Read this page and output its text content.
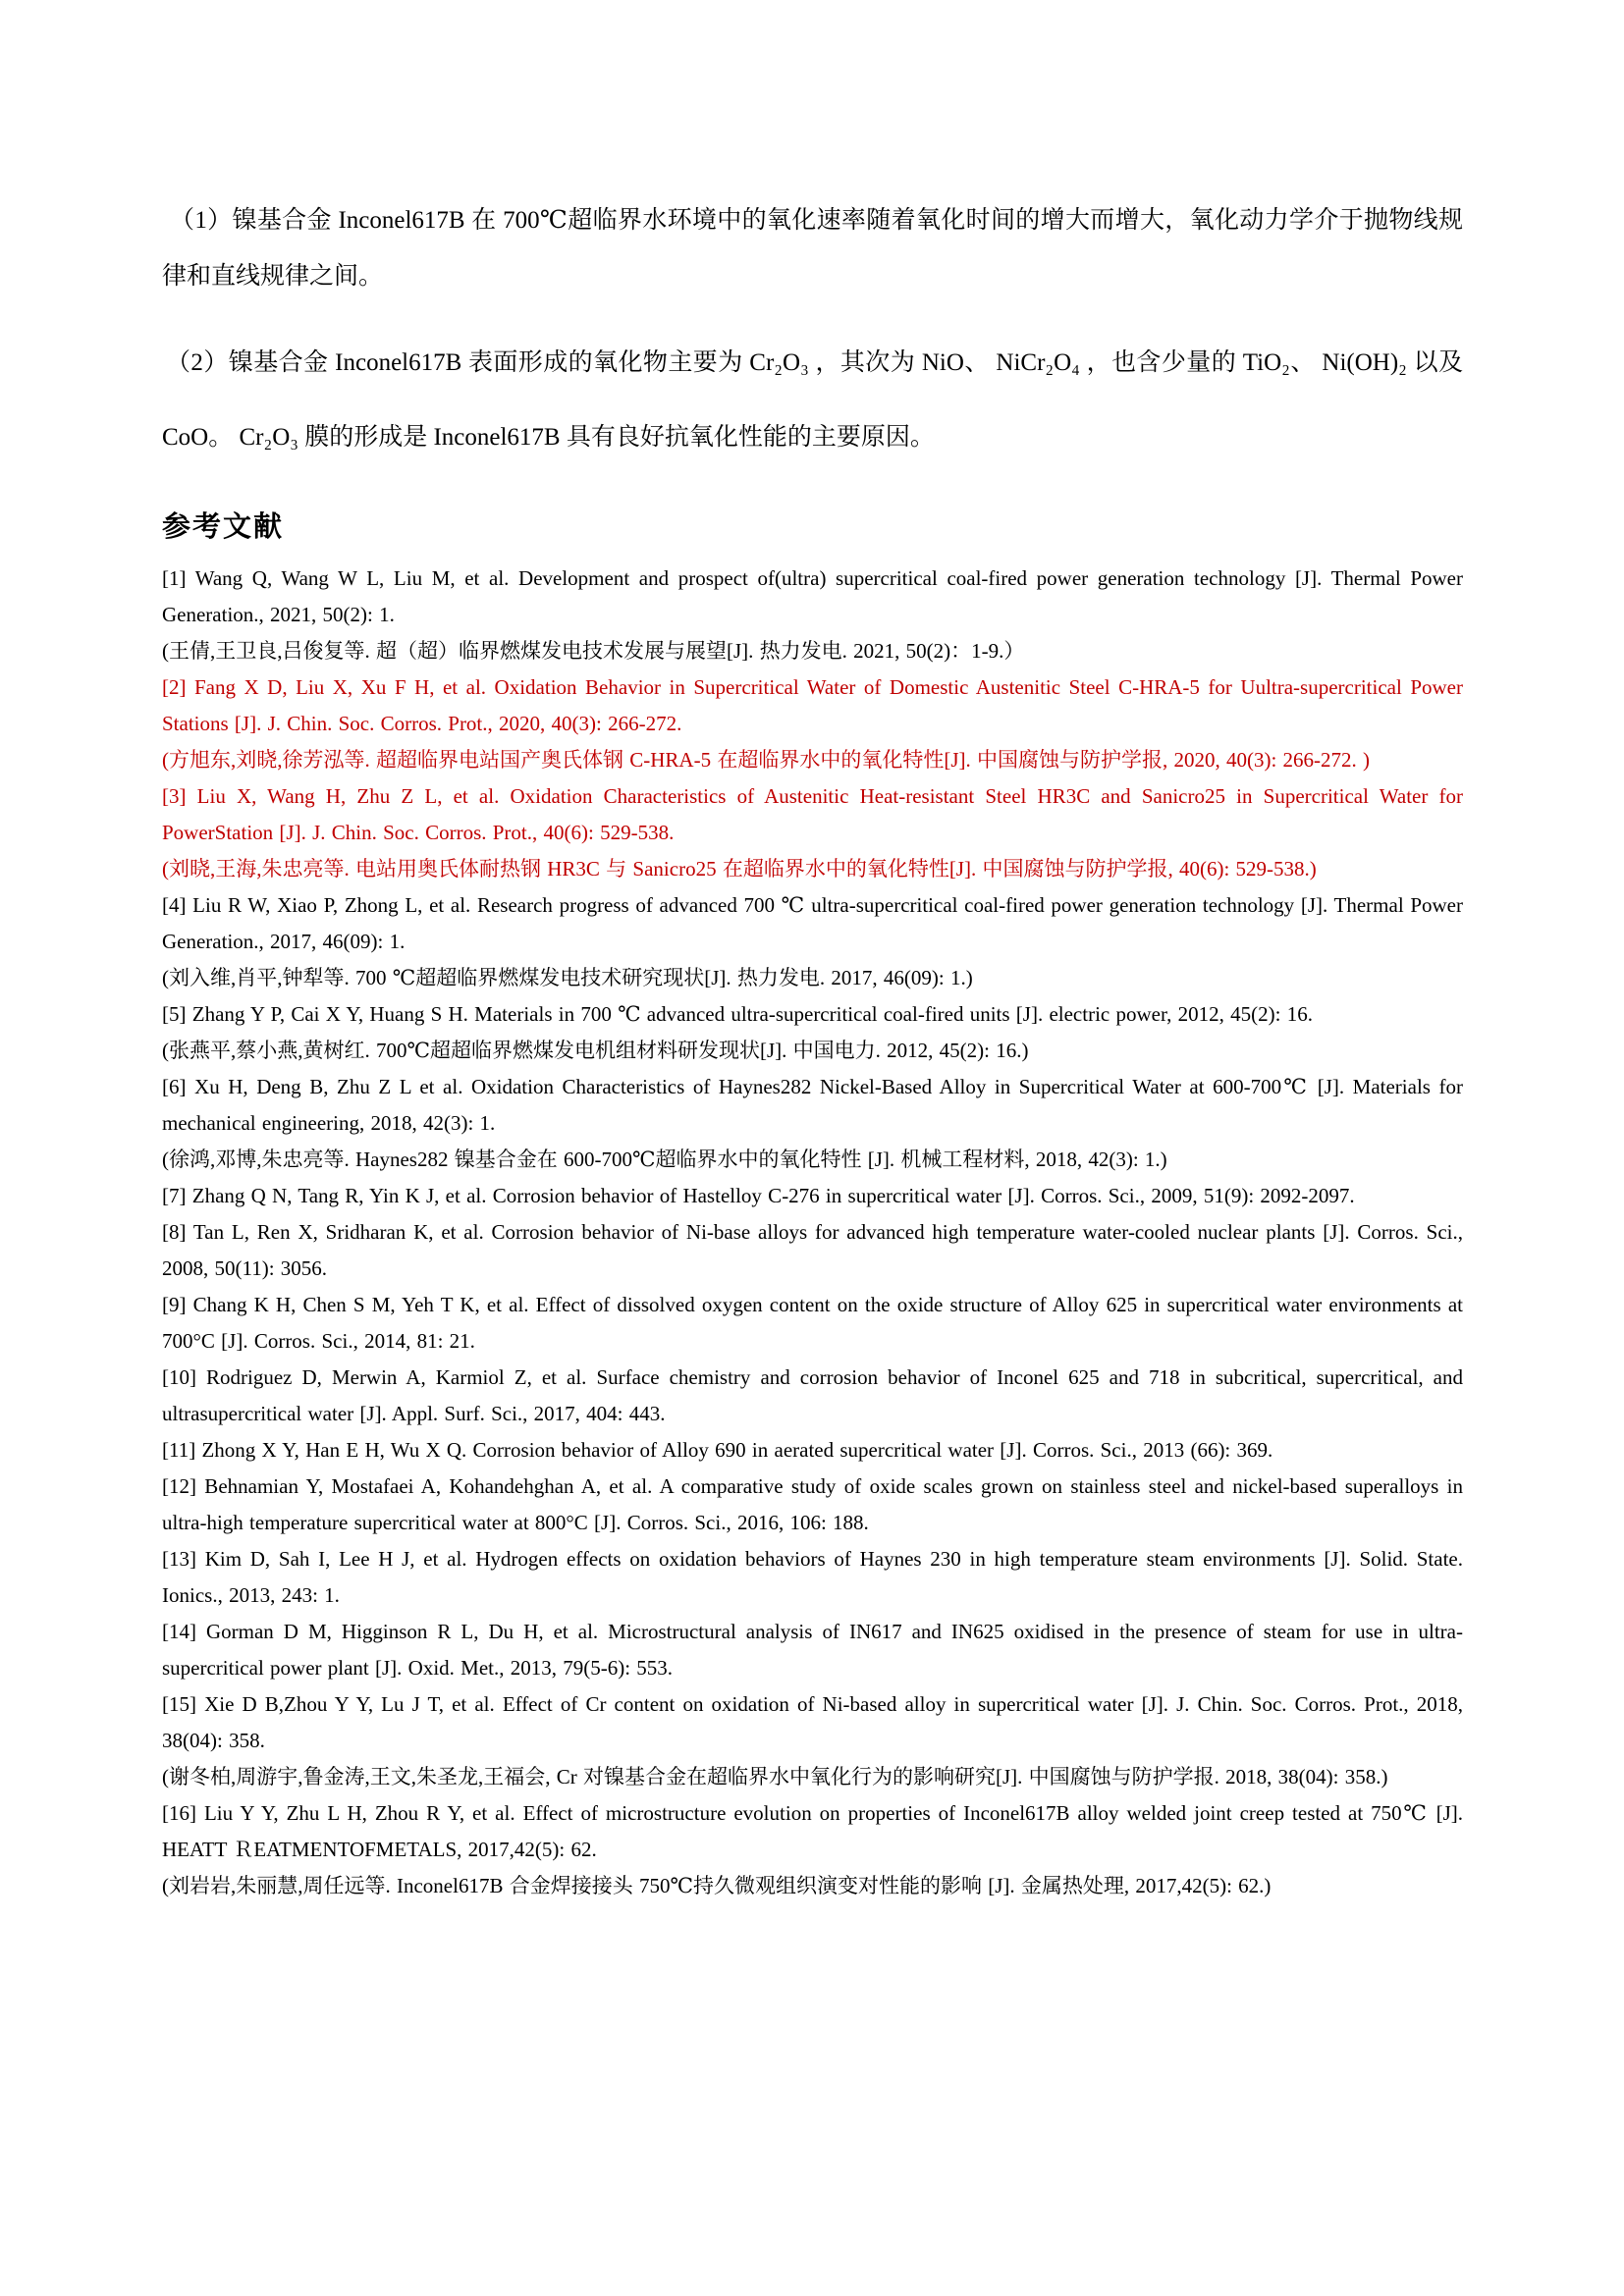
（1）镍基合金 Inconel617B 在 700℃超临界水环境中的氧化速率随着氧化时间的增大而增大，氧化动力学介于抛物线规律和直线规律之间。

（2）镍基合金 Inconel617B 表面形成的氧化物主要为 Cr₂O₃ ，其次为 NiO、 NiCr₂O₄ ，也含少量的 TiO₂、 Ni(OH)₂ 以及 CoO。 Cr₂O₃ 膜的形成是 Inconel617B 具有良好抗氧化性能的主要原因。

参考文献

[1] Wang Q, Wang W L, Liu M, et al. Development and prospect of(ultra) supercritical coal-fired power generation technology [J]. Thermal Power Generation., 2021, 50(2): 1.

(王倩,王卫良,吕俊复等. 超（超）临界燃煤发电技术发展与展望[J]. 热力发电. 2021, 50(2)：1-9.）

[2] Fang X D, Liu X, Xu F H, et al. Oxidation Behavior in Supercritical Water of Domestic Austenitic Steel C-HRA-5 for Uultra-supercritical Power Stations [J]. J. Chin. Soc. Corros. Prot., 2020, 40(3): 266-272.

(方旭东,刘晓,徐芳泓等. 超超临界电站国产奥氏体钢 C-HRA-5 在超临界水中的氧化特性[J]. 中国腐蚀与防护学报, 2020, 40(3): 266-272. )

[3] Liu X, Wang H, Zhu Z L, et al. Oxidation Characteristics of Austenitic Heat-resistant Steel HR3C and Sanicro25 in Supercritical Water for PowerStation [J]. J. Chin. Soc. Corros. Prot., 40(6): 529-538.

(刘晓,王海,朱忠亮等. 电站用奥氏体耐热钢 HR3C 与 Sanicro25 在超临界水中的氧化特性[J]. 中国腐蚀与防护学报, 40(6): 529-538.)

[4] Liu R W, Xiao P, Zhong L, et al. Research progress of advanced 700 ℃ ultra-supercritical coal-fired power generation technology [J]. Thermal Power Generation., 2017, 46(09): 1.

(刘入维,肖平,钟犁等. 700 ℃超超临界燃煤发电技术研究现状[J]. 热力发电. 2017, 46(09): 1.)

[5] Zhang Y P, Cai X Y, Huang S H. Materials in 700 ℃ advanced ultra-supercritical coal-fired units [J]. electric power, 2012, 45(2): 16.

(张燕平,蔡小燕,黄树红. 700℃超超临界燃煤发电机组材料研发现状[J]. 中国电力. 2012, 45(2): 16.)

[6] Xu H, Deng B, Zhu Z L et al. Oxidation Characteristics of Haynes282 Nickel-Based Alloy in Supercritical Water at 600-700℃ [J]. Materials for mechanical engineering, 2018, 42(3): 1.

(徐鸿,邓博,朱忠亮等. Haynes282 镍基合金在 600-700℃超临界水中的氧化特性 [J]. 机械工程材料, 2018, 42(3): 1.)

[7] Zhang Q N, Tang R, Yin K J, et al. Corrosion behavior of Hastelloy C-276 in supercritical water [J]. Corros. Sci., 2009, 51(9): 2092-2097.

[8] Tan L, Ren X, Sridharan K, et al. Corrosion behavior of Ni-base alloys for advanced high temperature water-cooled nuclear plants [J]. Corros. Sci., 2008, 50(11): 3056.

[9] Chang K H, Chen S M, Yeh T K, et al. Effect of dissolved oxygen content on the oxide structure of Alloy 625 in supercritical water environments at 700°C [J]. Corros. Sci., 2014, 81: 21.

[10] Rodriguez D, Merwin A, Karmiol Z, et al. Surface chemistry and corrosion behavior of Inconel 625 and 718 in subcritical, supercritical, and ultrasupercritical water [J]. Appl. Surf. Sci., 2017, 404: 443.

[11] Zhong X Y, Han E H, Wu X Q. Corrosion behavior of Alloy 690 in aerated supercritical water [J]. Corros. Sci., 2013 (66): 369.

[12] Behnamian Y, Mostafaei A, Kohandehghan A, et al. A comparative study of oxide scales grown on stainless steel and nickel-based superalloys in ultra-high temperature supercritical water at 800°C [J]. Corros. Sci., 2016, 106: 188.

[13] Kim D, Sah I, Lee H J, et al. Hydrogen effects on oxidation behaviors of Haynes 230 in high temperature steam environments [J]. Solid. State. Ionics., 2013, 243: 1.

[14] Gorman D M, Higginson R L, Du H, et al. Microstructural analysis of IN617 and IN625 oxidised in the presence of steam for use in ultra-supercritical power plant [J]. Oxid. Met., 2013, 79(5-6): 553.

[15] Xie D B,Zhou Y Y, Lu J T, et al. Effect of Cr content on oxidation of Ni-based alloy in supercritical water [J]. J. Chin. Soc. Corros. Prot., 2018, 38(04): 358.

(谢冬柏,周游宇,鲁金涛,王文,朱圣龙,王福会, Cr 对镍基合金在超临界水中氧化行为的影响研究[J]. 中国腐蚀与防护学报. 2018, 38(04): 358.)

[16] Liu Y Y, Zhu L H, Zhou R Y, et al. Effect of microstructure evolution on properties of Inconel617B alloy welded joint creep tested at 750℃ [J]. HEATT ＲEATMENTOFMETALS, 2017,42(5): 62.

(刘岩岩,朱丽慧,周任远等. Inconel617B 合金焊接接头 750℃持久微观组织演变对性能的影响 [J]. 金属热处理, 2017,42(5): 62.)
